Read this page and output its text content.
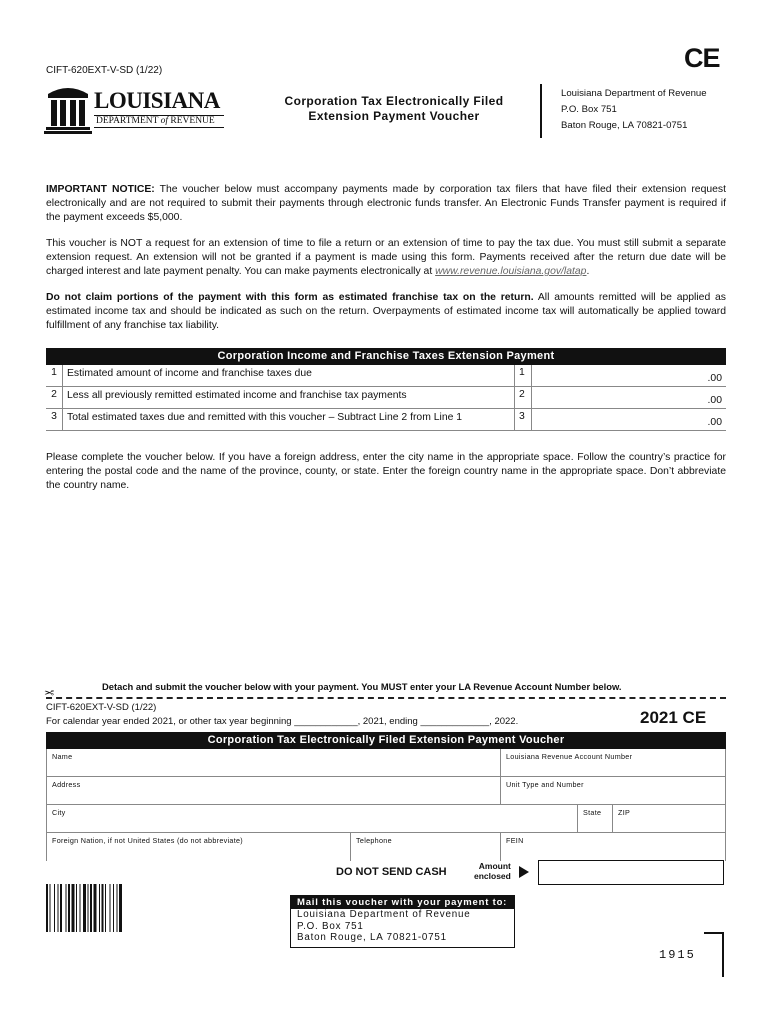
CIFT-620EXT-V-SD (1/22)	CE
LOUISIANA
DEPARTMENT of REVENUE
Corporation Tax Electronically Filed
Extension Payment Voucher
Louisiana Department of Revenue
P.O. Box 751
Baton Rouge, LA 70821-0751
IMPORTANT NOTICE: The voucher below must accompany payments made by corporation tax filers that have filed their extension request electronically and are not required to submit their payments through electronic funds transfer. An Electronic Funds Transfer payment is required if the payment exceeds $5,000.
This voucher is NOT a request for an extension of time to file a return or an extension of time to pay the tax due. You must still submit a separate extension request. An extension will not be granted if a payment is made using this form. Payments received after the return due date will be charged interest and late payment penalty. You can make payments electronically at www.revenue.louisiana.gov/latap.
Do not claim portions of the payment with this form as estimated franchise tax on the return. All amounts remitted will be applied as estimated income tax and should be indicated as such on the return. Overpayments of estimated income tax will automatically be applied toward fulfillment of any franchise tax liability.
Corporation Income and Franchise Taxes Extension Payment
1 Estimated amount of income and franchise taxes due	1
.00
2 Less all previously remitted estimated income and franchise tax payments	2
.00
3 Total estimated taxes due and remitted with this voucher – Subtract Line 2 from Line 1	3
.00
Please complete the voucher below. If you have a foreign address, enter the city name in the appropriate space. Follow the country’s practice for entering the postal code and the name of the province, county, or state. Enter the foreign country name in the appropriate space. Don’t abbreviate the country name.
Detach and submit the voucher below with your payment. You MUST enter your LA Revenue Account Number below.
✂
CIFT-620EXT-V-SD (1/22)
For calendar year ended 2021, or other tax year beginning ____________, 2021, ending _____________, 2022.	2021 CE
Corporation Tax Electronically Filed Extension Payment Voucher
Name	Louisiana Revenue Account Number
Address	Unit Type and Number
City	State	ZIP
Foreign Nation, if not United States (do not abbreviate)	Telephone	FEIN
DO NOT SEND CASH	Amount
enclosed
Mail this voucher with your payment to:
Louisiana Department of Revenue
P.O. Box 751
Baton Rouge, LA 70821-0751
1915
